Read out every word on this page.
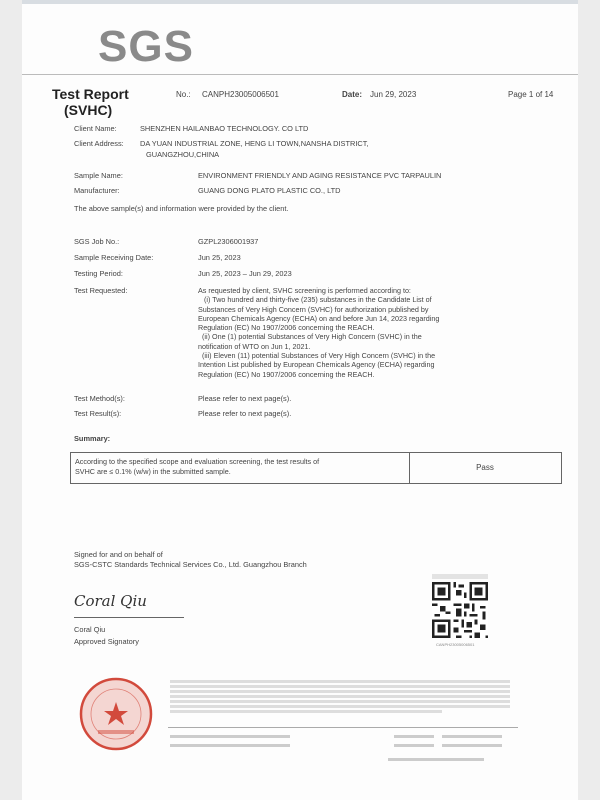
SGS
Test Report
(SVHC)
No.: CANPH23005006501	Date: Jun 29, 2023	Page 1 of 14
Client Name:	SHENZHEN HAILANBAO TECHNOLOGY. CO LTD
Client Address: DA YUAN INDUSTRIAL ZONE, HENG LI TOWN,NANSHA DISTRICT,
GUANGZHOU,CHINA
Sample Name:	ENVIRONMENT FRIENDLY AND AGING RESISTANCE PVC TARPAULIN
Manufacturer:	GUANG DONG PLATO PLASTIC CO., LTD
The above sample(s) and information were provided by the client.
SGS Job No.:	GZPL2306001937
Sample Receiving Date:	Jun 25, 2023
Testing Period:	Jun 25, 2023 – Jun 29, 2023
Test Requested:	As requested by client, SVHC screening is performed according to:
(i) Two hundred and thirty-five (235) substances in the Candidate List of
Substances of Very High Concern (SVHC) for authorization published by
European Chemicals Agency (ECHA) on and before Jun 14, 2023 regarding
Regulation (EC) No 1907/2006 concerning the REACH.
(ii) One (1) potential Substances of Very High Concern (SVHC) in the
notification of WTO on Jun 1, 2021.
(iii) Eleven (11) potential Substances of Very High Concern (SVHC) in the
Intention List published by European Chemicals Agency (ECHA) regarding
Regulation (EC) No 1907/2006 concerning the REACH.
Test Method(s):	Please refer to next page(s).
Test Result(s):	Please refer to next page(s).
Summary:
According to the specified scope and evaluation screening, the test results of
SVHC are ≤ 0.1% (w/w) in the submitted sample.	Pass
Signed for and on behalf of
SGS-CSTC Standards Technical Services Co., Ltd. Guangzhou Branch
Coral Qiu
Coral Qiu
Approved Signatory	CANPH23005006501
